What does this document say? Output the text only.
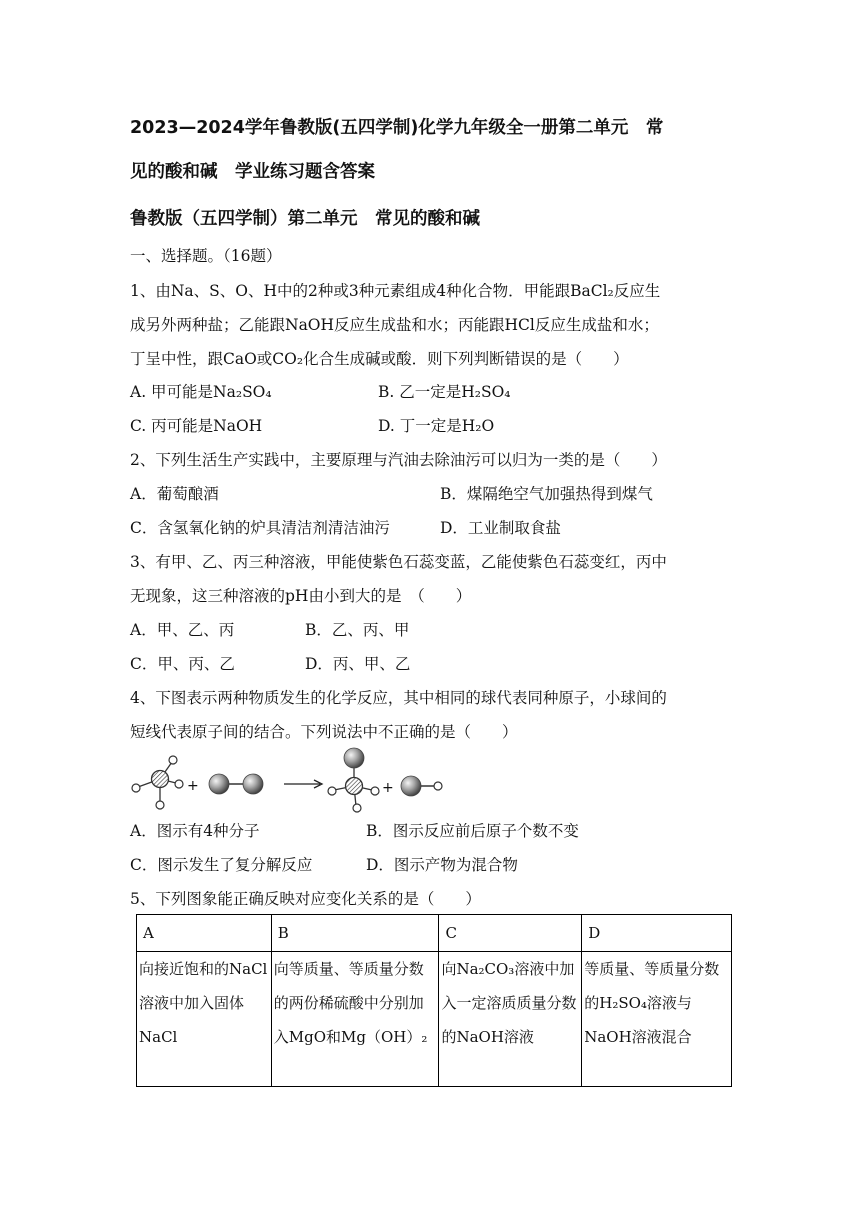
2023—2024学年鲁教版(五四学制)化学九年级全一册第二单元　常
见的酸和碱　学业练习题含答案
鲁教版（五四学制）第二单元　常见的酸和碱
一、选择题。（16题）
1、由Na、S、O、H中的2种或3种元素组成4种化合物．甲能跟BaCl₂反应生
成另外两种盐；乙能跟NaOH反应生成盐和水；丙能跟HCl反应生成盐和水；
丁呈中性，跟CaO或CO₂化合生成碱或酸．则下列判断错误的是（　　）
A. 甲可能是Na₂SO₄	B. 乙一定是H₂SO₄
C. 丙可能是NaOH	D. 丁一定是H₂O
2、下列生活生产实践中，主要原理与汽油去除油污可以归为一类的是（　　）
A．葡萄酿酒	B．煤隔绝空气加强热得到煤气
C．含氢氧化钠的炉具清洁剂清洁油污	D．工业制取食盐
3、有甲、乙、丙三种溶液，甲能使紫色石蕊变蓝，乙能使紫色石蕊变红，丙中
无现象，这三种溶液的pH由小到大的是　（　　）
A．甲、乙、丙	B．乙、丙、甲
C．甲、丙、乙	D．丙、甲、乙
4、下图表示两种物质发生的化学反应，其中相同的球代表同种原子，小球间的
短线代表原子间的结合。下列说法中不正确的是（　　）
+	+
A．图示有4种分子	B．图示反应前后原子个数不变
C．图示发生了复分解反应	D．图示产物为混合物
5、下列图象能正确反映对应变化关系的是（　　）
A	B	C	D
向接近饱和的NaCl溶液中加入固体NaCl	向等质量、等质量分数的两份稀硫酸中分别加入MgO和Mg（OH）₂	向Na₂CO₃溶液中加入一定溶质质量分数的NaOH溶液	等质量、等质量分数的H₂SO₄溶液与NaOH溶液混合
